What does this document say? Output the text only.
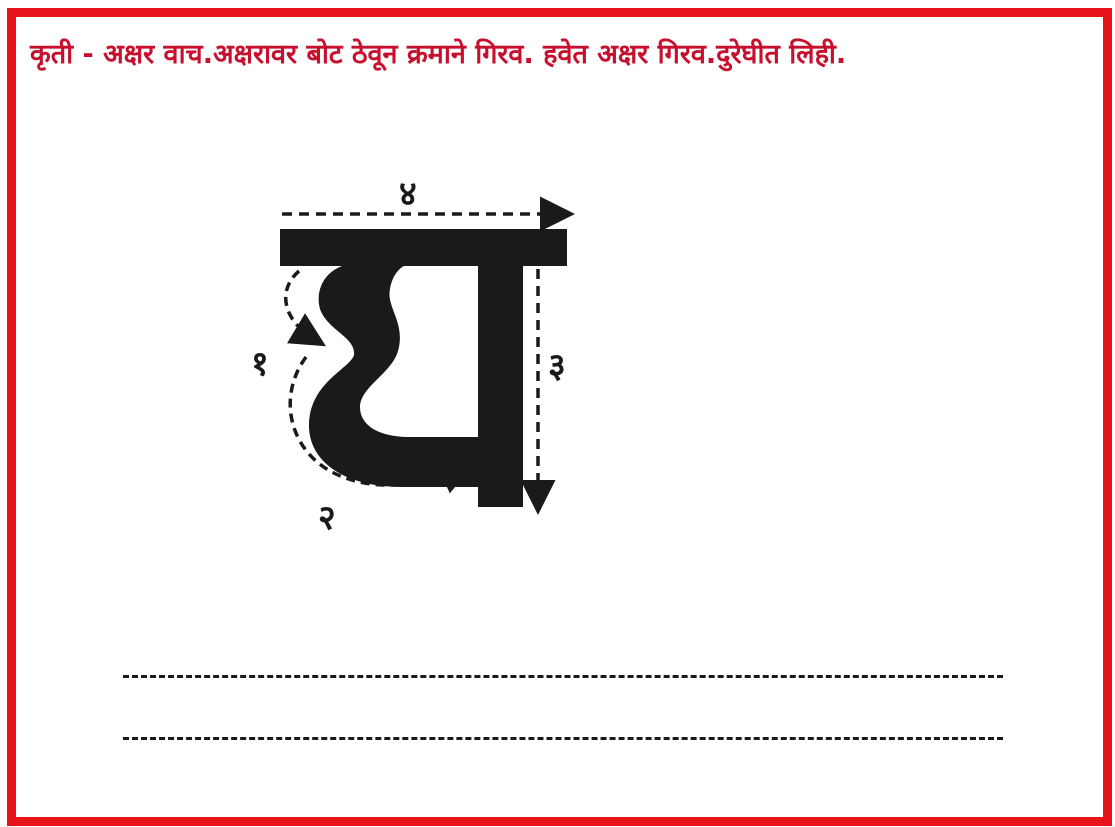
कृती - अक्षर वाच.अक्षरावर बोट ठेवून क्रमाने गिरव. हवेत अक्षर गिरव.दुरेघीत लिही.
४
१
२
३
